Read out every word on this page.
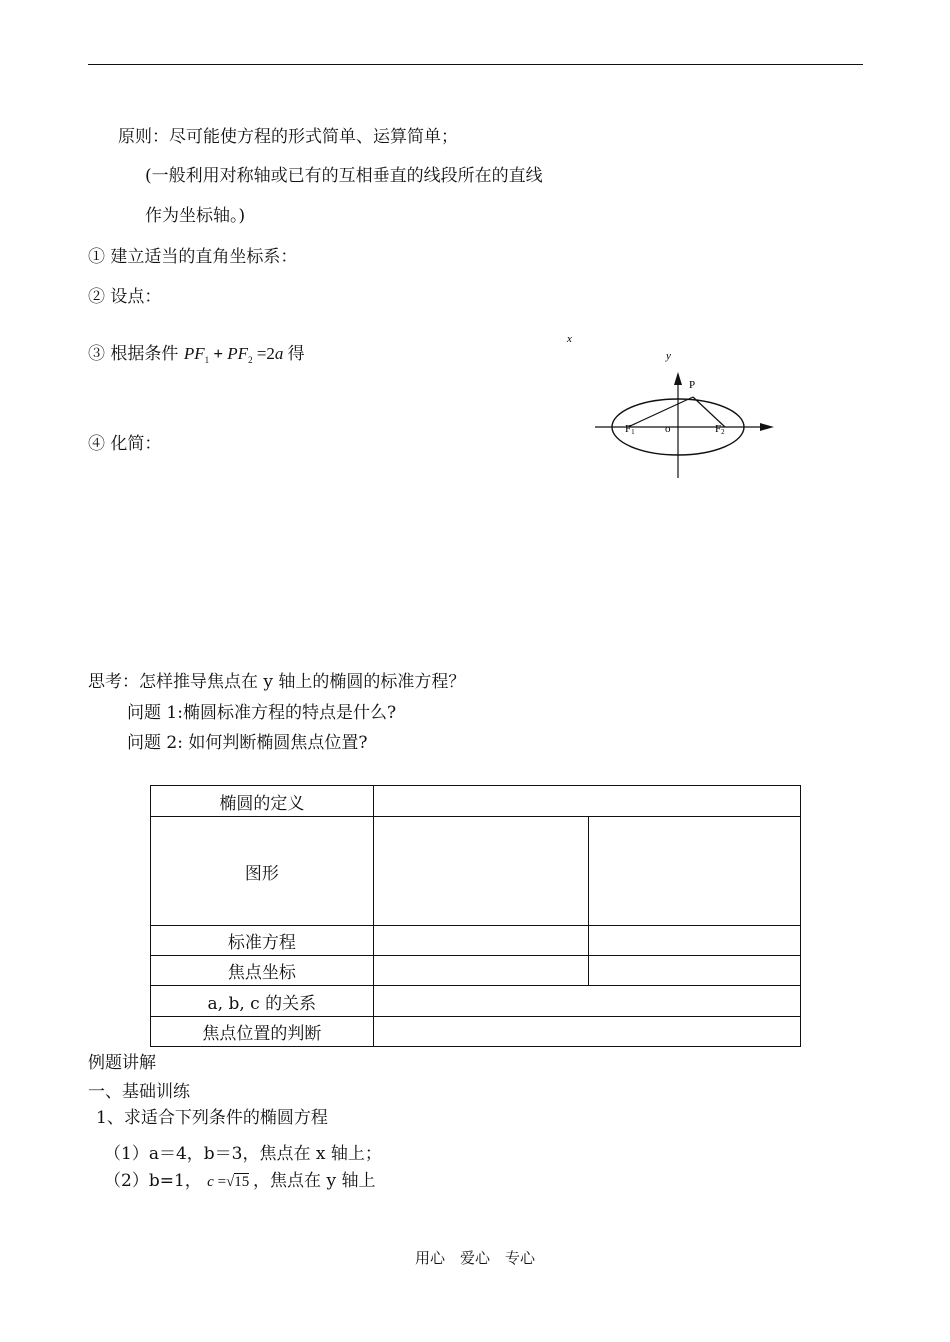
原则：尽可能使方程的形式简单、运算简单；
(一般利用对称轴或已有的互相垂直的线段所在的直线
作为坐标轴。)
① 建立适当的直角坐标系：
② 设点：
③ 根据条件 $PF_1 + PF_2 =2a$ 得
④ 化简：
x
y
P
F1	o	F2
思考：怎样推导焦点在 y 轴上的椭圆的标准方程？
问题 1:椭圆标准方程的特点是什么?
问题 2: 如何判断椭圆焦点位置?
椭圆的定义		
图形		
标准方程		
焦点坐标		
a, b, c 的关系		
焦点位置的判断		
例题讲解
一、基础训练
1、求适合下列条件的椭圆方程
（1）a＝4，b＝3，焦点在 x 轴上；
（2）b=1， c =√15 ，焦点在 y 轴上
用心　爱心　专心
